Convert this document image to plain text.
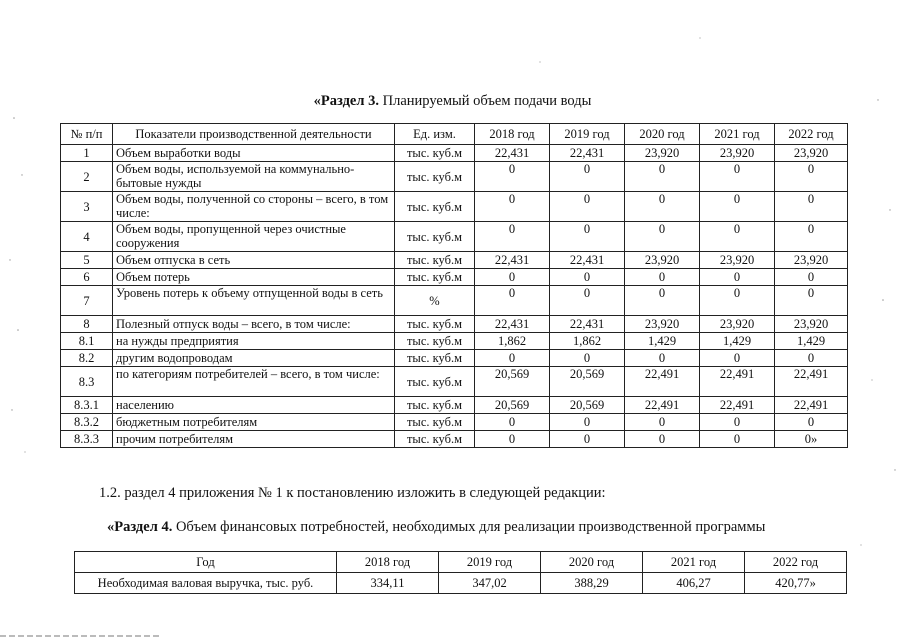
«Раздел 3. Планируемый объем подачи воды
№ п/п	Показатели производственной деятельности	Ед. изм.	2018 год	2019 год	2020 год	2021 год	2022 год
1	Объем выработки воды	тыс. куб.м	22,431	22,431	23,920	23,920	23,920
2	Объем воды, используемой на коммунально-бытовые нужды	тыс. куб.м	0	0	0	0	0
3	Объем воды, полученной со стороны – всего, в том числе:	тыс. куб.м	0	0	0	0	0
4	Объем воды, пропущенной через очистные сооружения	тыс. куб.м	0	0	0	0	0
5	Объем отпуска в сеть	тыс. куб.м	22,431	22,431	23,920	23,920	23,920
6	Объем потерь	тыс. куб.м	0	0	0	0	0
7	Уровень потерь к объему отпущенной воды в сеть	%	0	0	0	0	0
8	Полезный отпуск воды – всего, в том числе:	тыс. куб.м	22,431	22,431	23,920	23,920	23,920
8.1	на нужды предприятия	тыс. куб.м	1,862	1,862	1,429	1,429	1,429
8.2	другим водопроводам	тыс. куб.м	0	0	0	0	0
8.3	по категориям потребителей – всего, в том числе:	тыс. куб.м	20,569	20,569	22,491	22,491	22,491
8.3.1	населению	тыс. куб.м	20,569	20,569	22,491	22,491	22,491
8.3.2	бюджетным потребителям	тыс. куб.м	0	0	0	0	0
8.3.3	прочим потребителям	тыс. куб.м	0	0	0	0	0»
1.2. раздел 4 приложения № 1 к постановлению изложить в следующей редакции:
«Раздел 4. Объем финансовых потребностей, необходимых для реализации производственной программы
Год	2018 год	2019 год	2020 год	2021 год	2022 год
Необходимая валовая выручка, тыс. руб.	334,11	347,02	388,29	406,27	420,77»
